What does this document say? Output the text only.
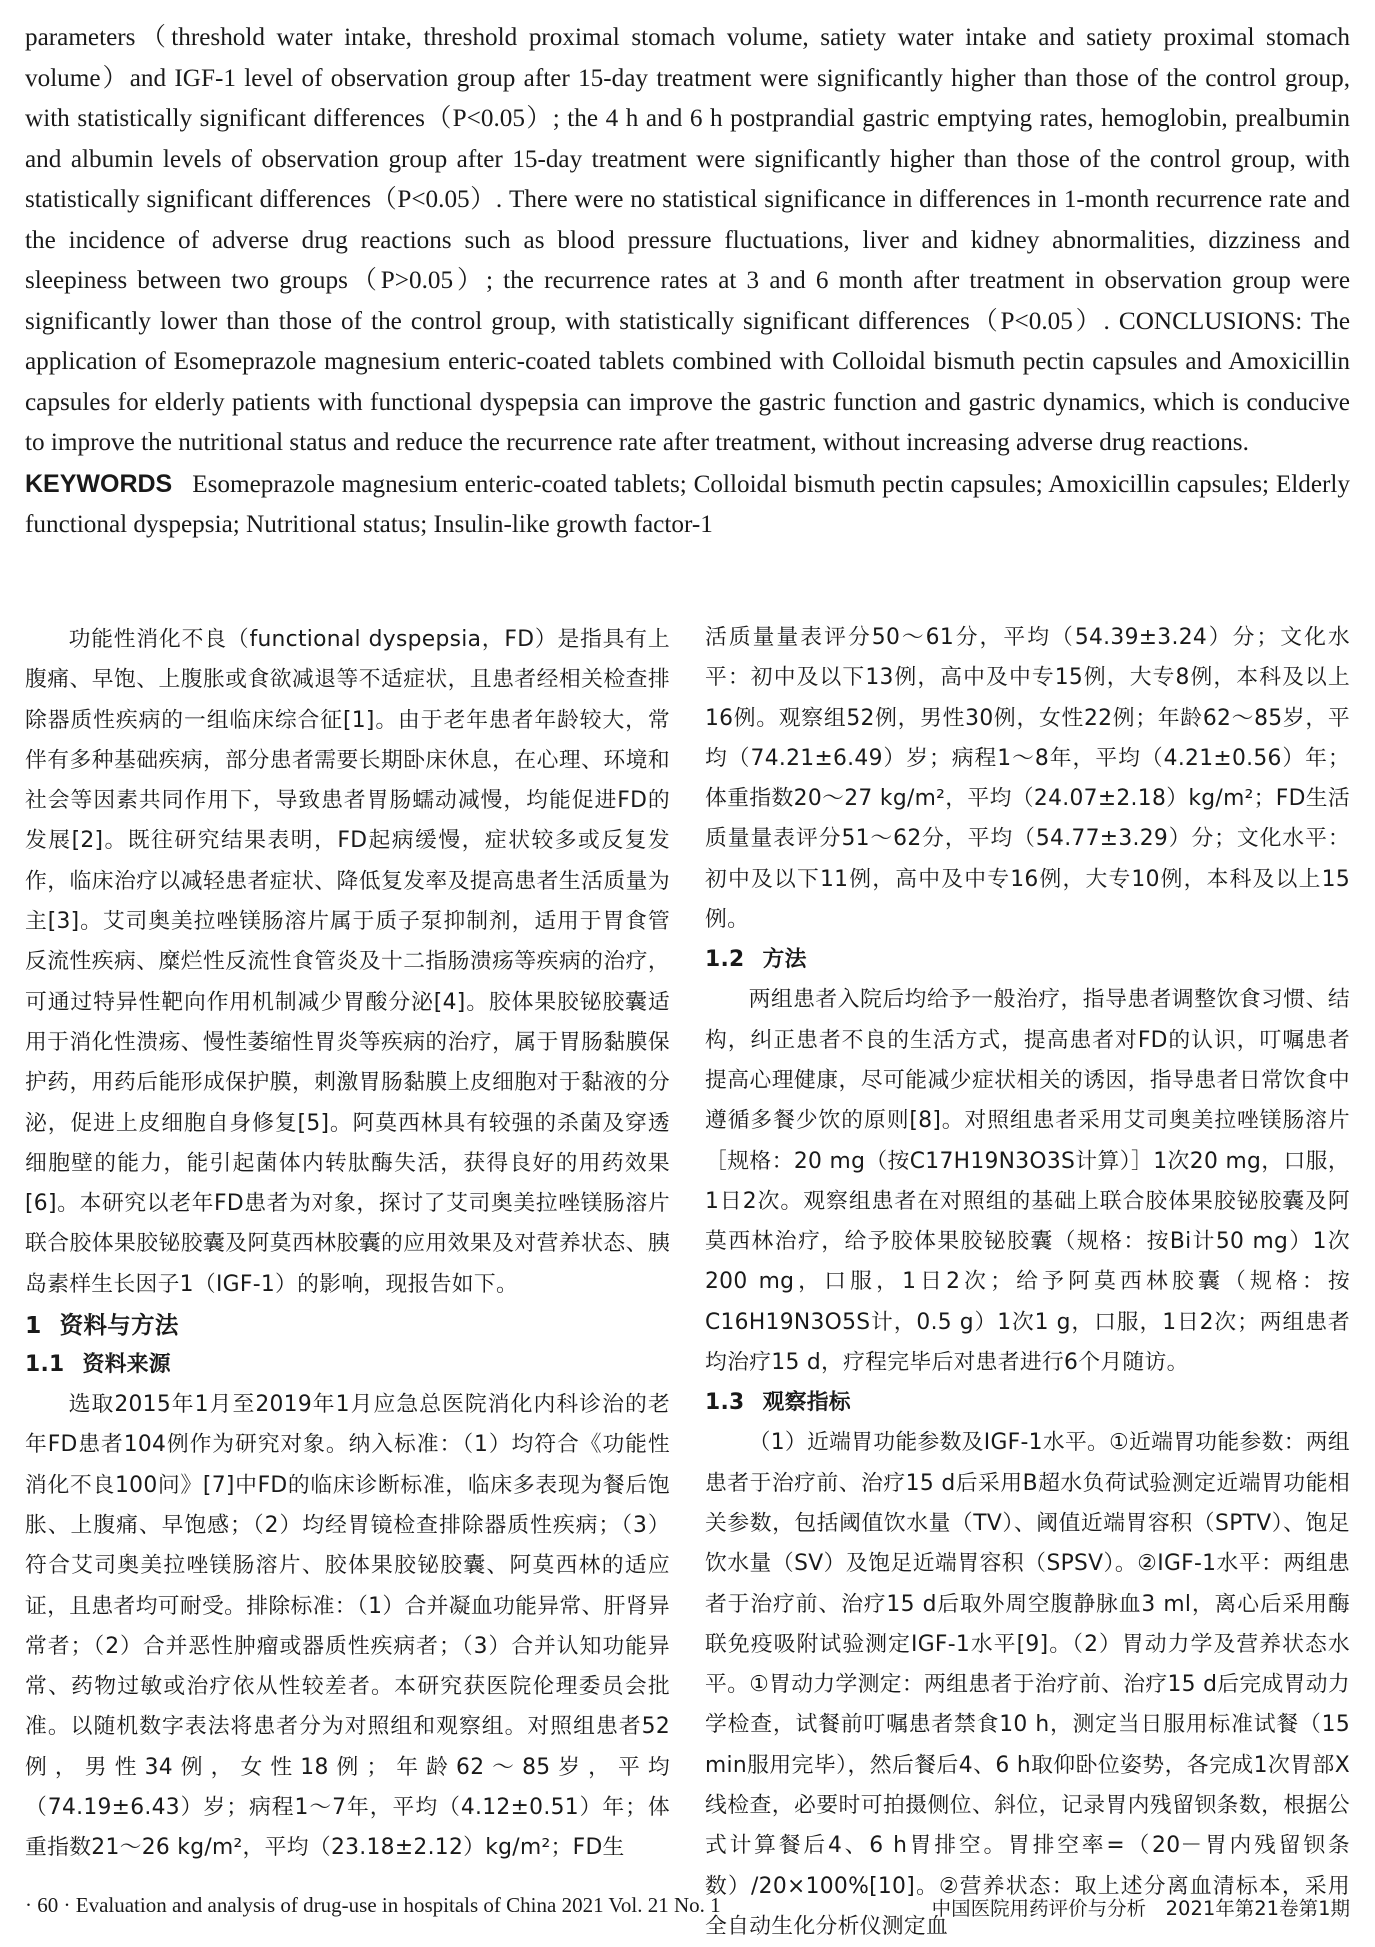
parameters（threshold water intake, threshold proximal stomach volume, satiety water intake and satiety proximal stomach volume）and IGF-1 level of observation group after 15-day treatment were significantly higher than those of the control group, with statistically significant differences（P<0.05）; the 4 h and 6 h postprandial gastric emptying rates, hemoglobin, prealbumin and albumin levels of observation group after 15-day treatment were significantly higher than those of the control group, with statistically significant differences（P<0.05）. There were no statistical significance in differences in 1-month recurrence rate and the incidence of adverse drug reactions such as blood pressure fluctuations, liver and kidney abnormalities, dizziness and sleepiness between two groups（P>0.05）; the recurrence rates at 3 and 6 month after treatment in observation group were significantly lower than those of the control group, with statistically significant differences（P<0.05）. CONCLUSIONS: The application of Esomeprazole magnesium enteric-coated tablets combined with Colloidal bismuth pectin capsules and Amoxicillin capsules for elderly patients with functional dyspepsia can improve the gastric function and gastric dynamics, which is conducive to improve the nutritional status and reduce the recurrence rate after treatment, without increasing adverse drug reactions.
KEYWORDS Esomeprazole magnesium enteric-coated tablets; Colloidal bismuth pectin capsules; Amoxicillin capsules; Elderly functional dyspepsia; Nutritional status; Insulin-like growth factor-1

功能性消化不良（functional dyspepsia，FD）是指具有上腹痛、早饱、上腹胀或食欲减退等不适症状，且患者经相关检查排除器质性疾病的一组临床综合征[1]。由于老年患者年龄较大，常伴有多种基础疾病，部分患者需要长期卧床休息，在心理、环境和社会等因素共同作用下，导致患者胃肠蠕动减慢，均能促进FD的发展[2]。既往研究结果表明，FD起病缓慢，症状较多或反复发作，临床治疗以减轻患者症状、降低复发率及提高患者生活质量为主[3]。艾司奥美拉唑镁肠溶片属于质子泵抑制剂，适用于胃食管反流性疾病、糜烂性反流性食管炎及十二指肠溃疡等疾病的治疗，可通过特异性靶向作用机制减少胃酸分泌[4]。胶体果胶铋胶囊适用于消化性溃疡、慢性萎缩性胃炎等疾病的治疗，属于胃肠黏膜保护药，用药后能形成保护膜，刺激胃肠黏膜上皮细胞对于黏液的分泌，促进上皮细胞自身修复[5]。阿莫西林具有较强的杀菌及穿透细胞壁的能力，能引起菌体内转肽酶失活，获得良好的用药效果[6]。本研究以老年FD患者为对象，探讨了艾司奥美拉唑镁肠溶片联合胶体果胶铋胶囊及阿莫西林胶囊的应用效果及对营养状态、胰岛素样生长因子1（IGF-1）的影响，现报告如下。

1 资料与方法
1.1 资料来源

选取2015年1月至2019年1月应急总医院消化内科诊治的老年FD患者104例作为研究对象。纳入标准：（1）均符合《功能性消化不良100问》[7]中FD的临床诊断标准，临床多表现为餐后饱胀、上腹痛、早饱感；（2）均经胃镜检查排除器质性疾病；（3）符合艾司奥美拉唑镁肠溶片、胶体果胶铋胶囊、阿莫西林的适应证，且患者均可耐受。排除标准：（1）合并凝血功能异常、肝肾异常者；（2）合并恶性肿瘤或器质性疾病者；（3）合并认知功能异常、药物过敏或治疗依从性较差者。本研究获医院伦理委员会批准。以随机数字表法将患者分为对照组和观察组。对照组患者52例，男性34例，女性18例；年龄62～85岁，平均（74.19±6.43）岁；病程1～7年，平均（4.12±0.51）年；体重指数21～26 kg/m²，平均（23.18±2.12）kg/m²；FD生

活质量量表评分50～61分，平均（54.39±3.24）分；文化水平：初中及以下13例，高中及中专15例，大专8例，本科及以上16例。观察组52例，男性30例，女性22例；年龄62～85岁，平均（74.21±6.49）岁；病程1～8年，平均（4.21±0.56）年；体重指数20～27 kg/m²，平均（24.07±2.18）kg/m²；FD生活质量量表评分51～62分，平均（54.77±3.29）分；文化水平：初中及以下11例，高中及中专16例，大专10例，本科及以上15例。

1.2 方法

两组患者入院后均给予一般治疗，指导患者调整饮食习惯、结构，纠正患者不良的生活方式，提高患者对FD的认识，叮嘱患者提高心理健康，尽可能减少症状相关的诱因，指导患者日常饮食中遵循多餐少饮的原则[8]。对照组患者采用艾司奥美拉唑镁肠溶片［规格：20 mg（按C17H19N3O3S计算）］1次20 mg，口服，1日2次。观察组患者在对照组的基础上联合胶体果胶铋胶囊及阿莫西林治疗，给予胶体果胶铋胶囊（规格：按Bi计50 mg）1次200 mg，口服，1日2次；给予阿莫西林胶囊（规格：按C16H19N3O5S计，0.5 g）1次1 g，口服，1日2次；两组患者均治疗15 d，疗程完毕后对患者进行6个月随访。

1.3 观察指标

（1）近端胃功能参数及IGF-1水平。①近端胃功能参数：两组患者于治疗前、治疗15 d后采用B超水负荷试验测定近端胃功能相关参数，包括阈值饮水量（TV）、阈值近端胃容积（SPTV）、饱足饮水量（SV）及饱足近端胃容积（SPSV）。②IGF-1水平：两组患者于治疗前、治疗15 d后取外周空腹静脉血3 ml，离心后采用酶联免疫吸附试验测定IGF-1水平[9]。（2）胃动力学及营养状态水平。①胃动力学测定：两组患者于治疗前、治疗15 d后完成胃动力学检查，试餐前叮嘱患者禁食10 h，测定当日服用标准试餐（15 min服用完毕），然后餐后4、6 h取仰卧位姿势，各完成1次胃部X线检查，必要时可拍摄侧位、斜位，记录胃内残留钡条数，根据公式计算餐后4、6 h胃排空。胃排空率=（20－胃内残留钡条数）/20×100%[10]。②营养状态：取上述分离血清标本，采用全自动生化分析仪测定血

· 60 · Evaluation and analysis of drug-use in hospitals of China 2021 Vol. 21 No. 1	中国医院用药评价与分析　2021年第21卷第1期
